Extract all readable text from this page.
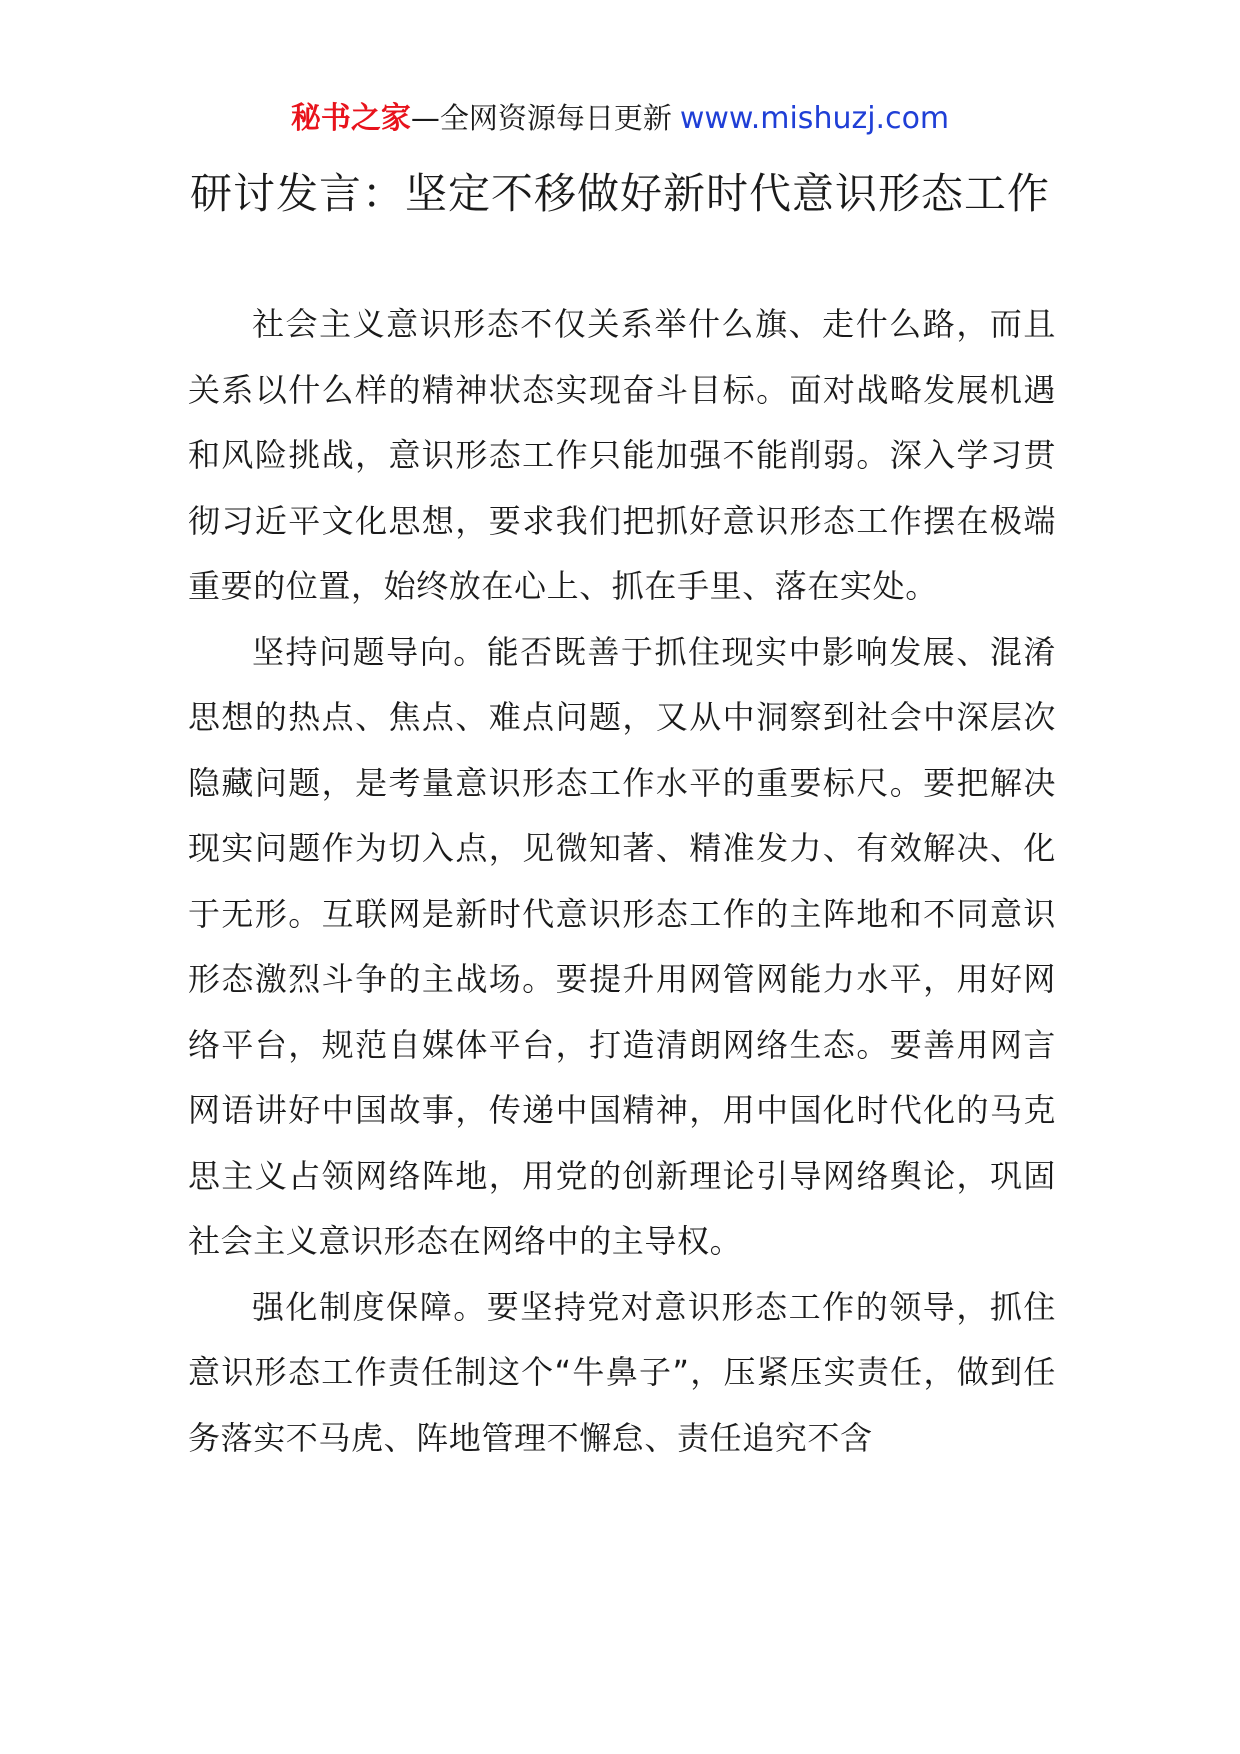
秘书之家—全网资源每日更新 www.mishuzj.com
研讨发言：坚定不移做好新时代意识形态工作

社会主义意识形态不仅关系举什么旗、走什么路，而且关系以什么样的精神状态实现奋斗目标。面对战略发展机遇和风险挑战，意识形态工作只能加强不能削弱。深入学习贯彻习近平文化思想，要求我们把抓好意识形态工作摆在极端重要的位置，始终放在心上、抓在手里、落在实处。

坚持问题导向。能否既善于抓住现实中影响发展、混淆思想的热点、焦点、难点问题，又从中洞察到社会中深层次隐藏问题，是考量意识形态工作水平的重要标尺。要把解决现实问题作为切入点，见微知著、精准发力、有效解决、化于无形。互联网是新时代意识形态工作的主阵地和不同意识形态激烈斗争的主战场。要提升用网管网能力水平，用好网络平台，规范自媒体平台，打造清朗网络生态。要善用网言网语讲好中国故事，传递中国精神，用中国化时代化的马克思主义占领网络阵地，用党的创新理论引导网络舆论，巩固社会主义意识形态在网络中的主导权。

强化制度保障。要坚持党对意识形态工作的领导，抓住意识形态工作责任制这个“牛鼻子”，压紧压实责任，做到任务落实不马虎、阵地管理不懈怠、责任追究不含
